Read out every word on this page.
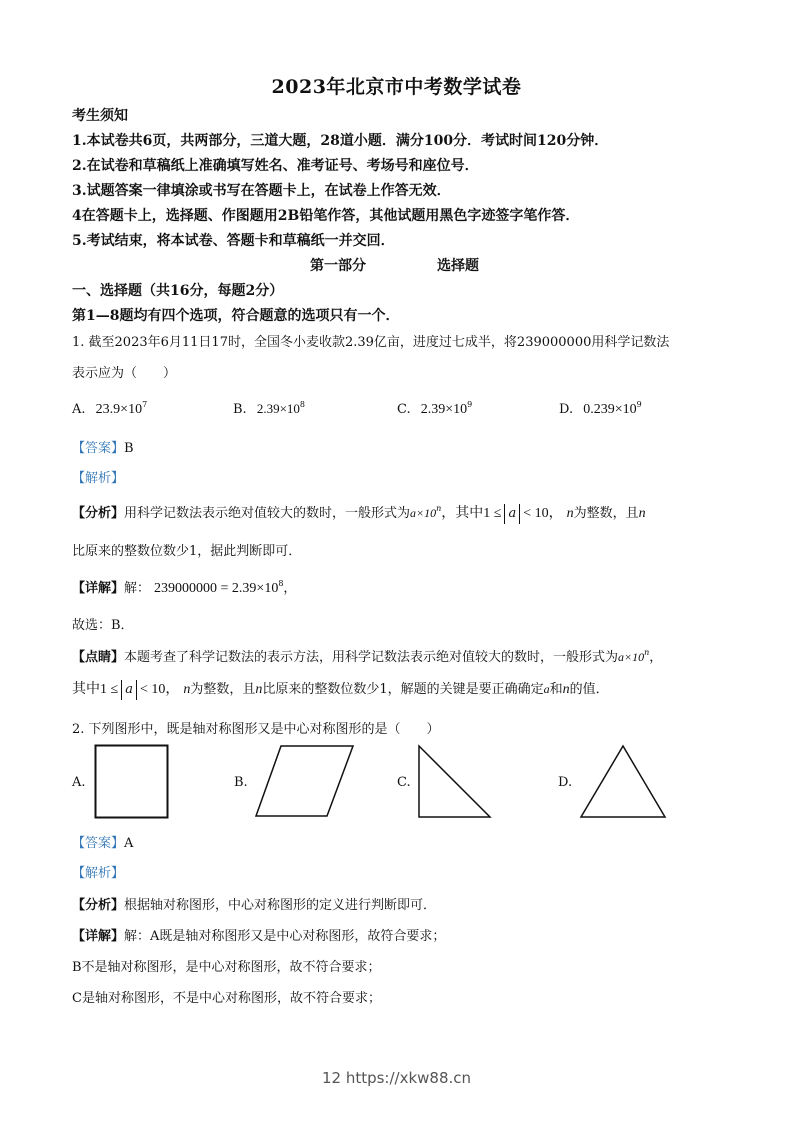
2023年北京市中考数学试卷
考生须知
1.本试卷共6页，共两部分，三道大题，28道小题．满分100分．考试时间120分钟．
2.在试卷和草稿纸上准确填写姓名、准考证号、考场号和座位号．
3.试题答案一律填涂或书写在答题卡上，在试卷上作答无效．
4在答题卡上，选择题、作图题用2B铅笔作答，其他试题用黑色字迹签字笔作答．
5.考试结束，将本试卷、答题卡和草稿纸一并交回．
第一部分	选择题
一、选择题（共16分，每题2分）
第1—8题均有四个选项，符合题意的选项只有一个．
1. 截至2023年6月11日17时，全国冬小麦收款2.39亿亩，进度过七成半，将239000000用科学记数法
表示应为（　　）
A. $23.9\times 10^7$	B. $2.39\times 10^8$	C. $2.39\times 10^9$	D. $0.239\times 10^9$
【答案】B
【解析】
【分析】用科学记数法表示绝对值较大的数时，一般形式为$a\times 10^n$，其中1 ≤ a < 10， n为整数，且n
比原来的整数位数少1，据此判断即可．
【详解】解： $239000000 = 2.39\times 10^8$，
故选：B．
【点睛】本题考查了科学记数法的表示方法，用科学记数法表示绝对值较大的数时，一般形式为$a\times 10^n$，
其中1 ≤ a < 10， n为整数，且n比原来的整数位数少1，解题的关键是要正确确定a和n的值．
2. 下列图形中，既是轴对称图形又是中心对称图形的是（　　）
A.	B.	C.	D.
【答案】A
【解析】
【分析】根据轴对称图形，中心对称图形的定义进行判断即可．
【详解】解：A既是轴对称图形又是中心对称图形，故符合要求；
B不是轴对称图形，是中心对称图形，故不符合要求；
C是轴对称图形，不是中心对称图形，故不符合要求；
12 https://xkw88.cn
